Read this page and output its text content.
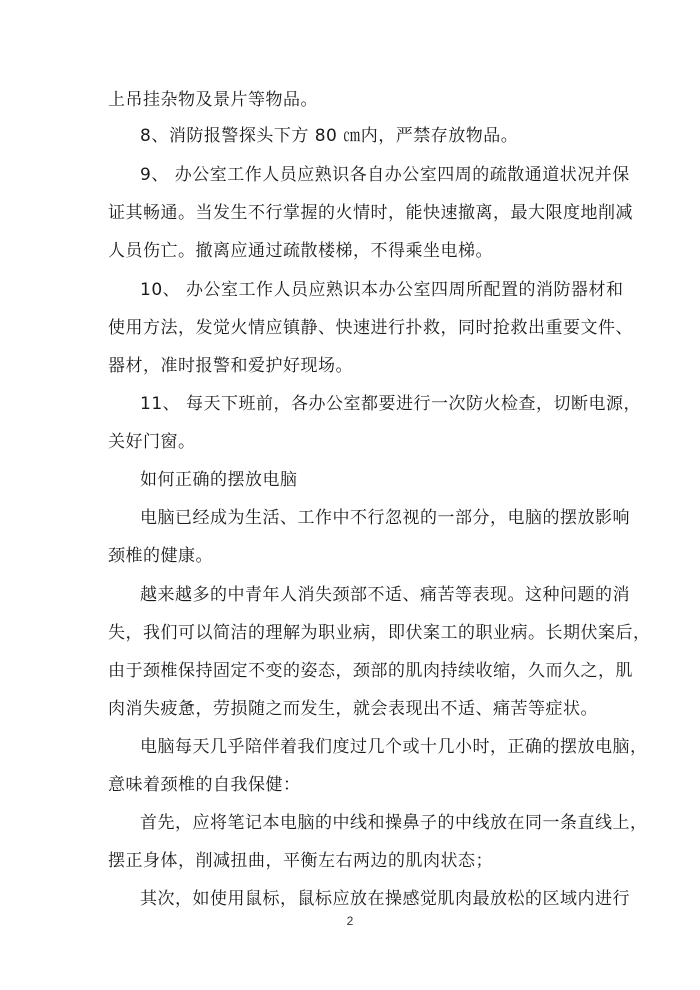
上吊挂杂物及景片等物品。
8、消防报警探头下方 80 ㎝内，严禁存放物品。
9、 办公室工作人员应熟识各自办公室四周的疏散通道状况并保
证其畅通。当发生不行掌握的火情时，能快速撤离，最大限度地削减
人员伤亡。撤离应通过疏散楼梯，不得乘坐电梯。
10、 办公室工作人员应熟识本办公室四周所配置的消防器材和
使用方法，发觉火情应镇静、快速进行扑救，同时抢救出重要文件、
器材，准时报警和爱护好现场。
11、 每天下班前，各办公室都要进行一次防火检查，切断电源，
关好门窗。
如何正确的摆放电脑
电脑已经成为生活、工作中不行忽视的一部分，电脑的摆放影响
颈椎的健康。
越来越多的中青年人消失颈部不适、痛苦等表现。这种问题的消
失，我们可以简洁的理解为职业病，即伏案工的职业病。长期伏案后，
由于颈椎保持固定不变的姿态，颈部的肌肉持续收缩，久而久之，肌
肉消失疲惫，劳损随之而发生，就会表现出不适、痛苦等症状。
电脑每天几乎陪伴着我们度过几个或十几小时，正确的摆放电脑，
意味着颈椎的自我保健：
首先，应将笔记本电脑的中线和操鼻子的中线放在同一条直线上，
摆正身体，削减扭曲，平衡左右两边的肌肉状态；
其次，如使用鼠标，鼠标应放在操感觉肌肉最放松的区域内进行
2
